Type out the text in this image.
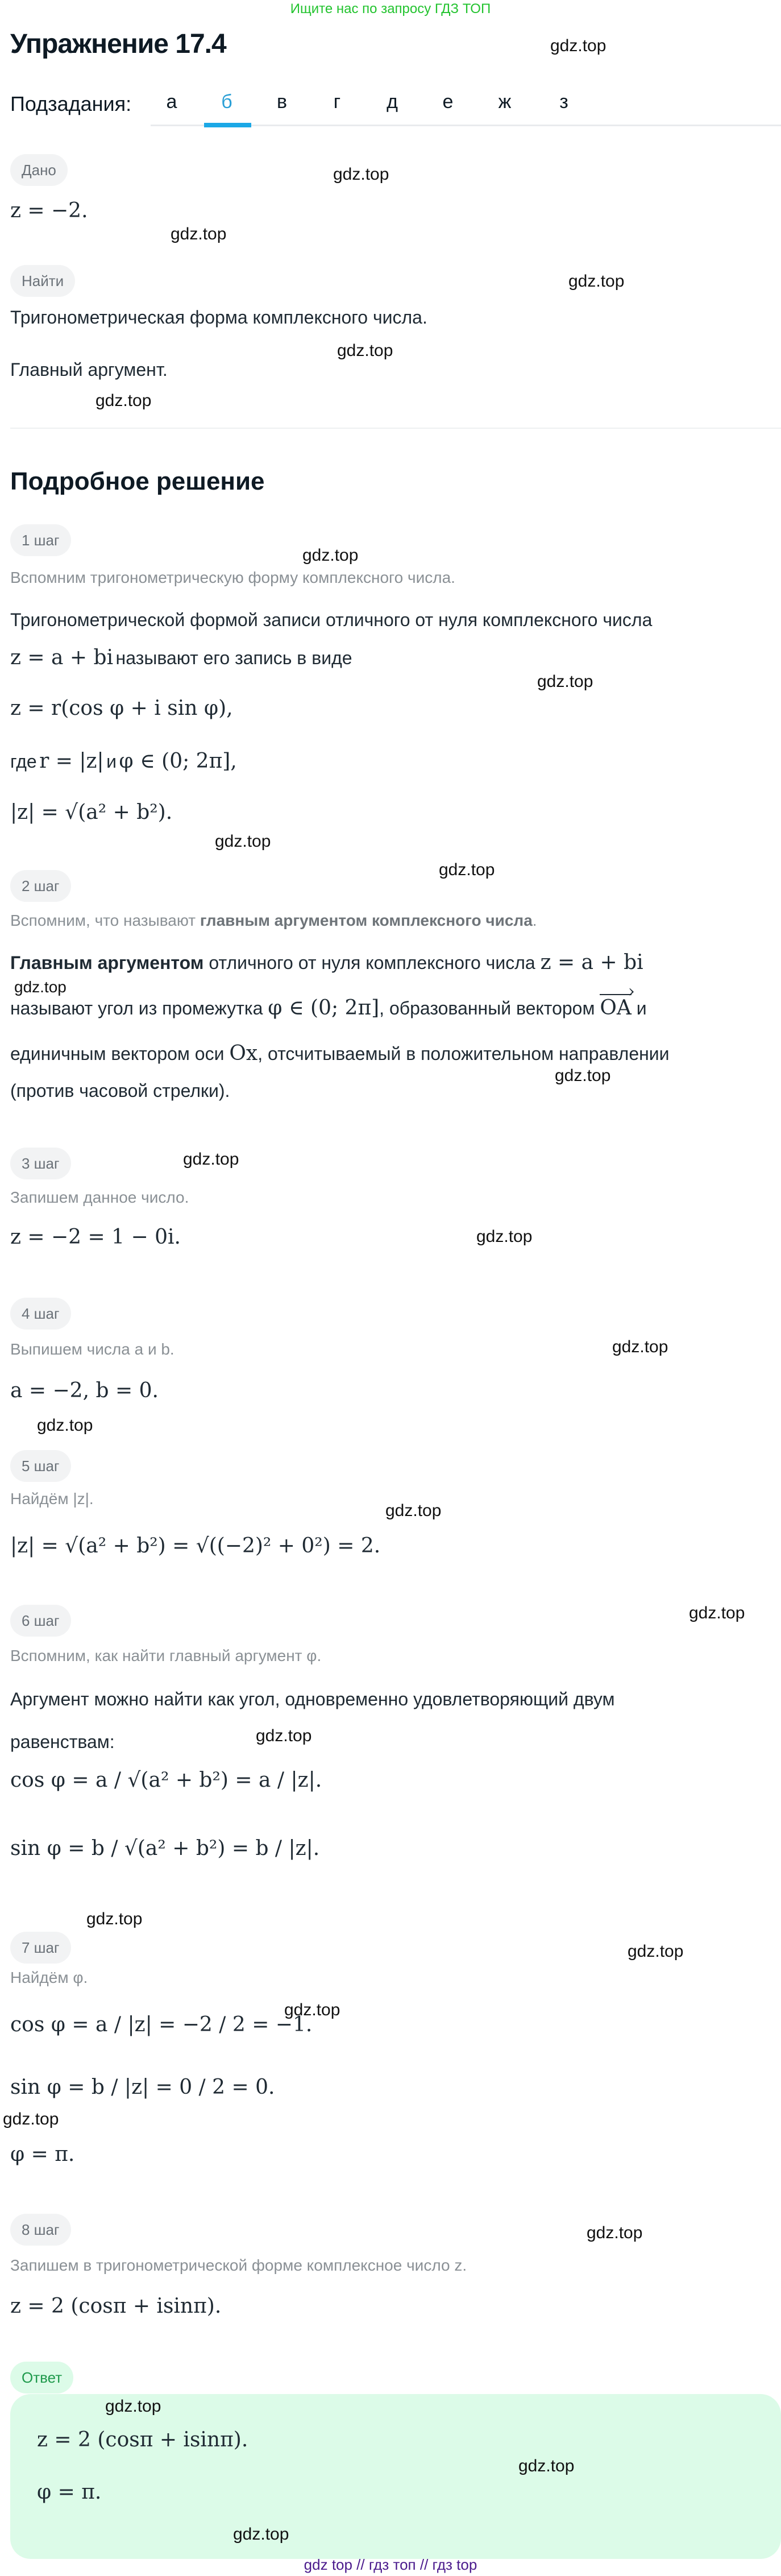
Ищите нас по запросу ГДЗ ТОП
Упражнение 17.4	gdz.top
Подзадания:	а	б	в	г	д	е	ж	з
Дано	gdz.top
z = −2.
gdz.top
Найти	gdz.top
Тригонометрическая форма комплексного числа.
gdz.top
Главный аргумент.
gdz.top
Подробное решение
1 шаг
gdz.top
Вспомним тригонометрическую форму комплексного числа.
Тригонометрической формой записи отличного от нуля комплексного числа
z = a + bi называют его запись в виде
gdz.top
z = r(cos φ + i sin φ),
где r = |z| и φ ∈ (0; 2π],
|z| = √(a² + b²).
gdz.top
gdz.top
2 шаг
Вспомним, что называют главным аргументом комплексного числа.
Главным аргументом отличного от нуля комплексного числа z = a + bi
gdz.top
называют угол из промежутка φ ∈ (0; 2π], образованный вектором OA › и
единичным вектором оси Ox, отсчитываемый в положительном направлении
gdz.top
(против часовой стрелки).
3 шаг	gdz.top
Запишем данное число.
z = −2 = 1 − 0i.	gdz.top
4 шаг
Выпишем числа a и b.	gdz.top
a = −2, b = 0.
gdz.top
5 шаг
Найдём |z|.
gdz.top
|z| = √(a² + b²) = √((−2)² + 0²) = 2.
gdz.top
6 шаг
Вспомним, как найти главный аргумент φ.
Аргумент можно найти как угол, одновременно удовлетворяющий двум
gdz.top
равенствам:
cos φ = a / √(a² + b²) = a / |z|.
sin φ = b / √(a² + b²) = b / |z|.
gdz.top
7 шаг	gdz.top
Найдём φ.
gdz.top
cos φ = a / |z| = −2 / 2 = −1.
sin φ = b / |z| = 0 / 2 = 0.
gdz.top
φ = π.
8 шаг	gdz.top
Запишем в тригонометрической форме комплексное число z.
z = 2 (cosπ + isinπ).
Ответ
gdz.top
z = 2 (cosπ + isinπ).
gdz.top
φ = π.
gdz.top
gdz top // гдз топ // гдз top
